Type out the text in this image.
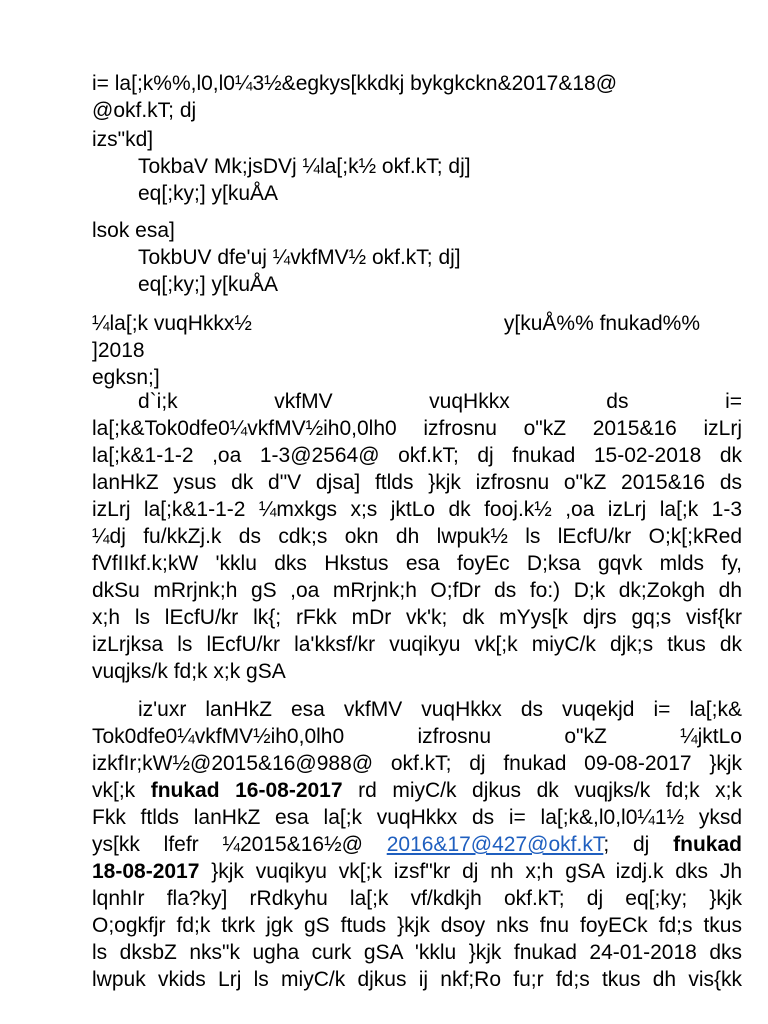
i= la[;k%%,l0,l0¼3½&egkys[kkdkj bykgkckn&2017&18@
@okf.kT; dj
izs"kd]
TokbaV Mk;jsDVj ¼la[;k½ okf.kT; dj]
eq[;ky;] y[kuÅA
lsok esa]
TokbUV dfe'uj ¼vkfMV½ okf.kT; dj]
eq[;ky;] y[kuÅA
¼la[;k vuqHkkx½	y[kuÅ%% fnukad%%
]2018
egksn;]
d`i;k vkfMV vuqHkkx ds i=
la[;k&Tok0dfe0¼vkfMV½ih0,0lh0 izfrosnu o"kZ 2015&16 izLrj
la[;k&1-1-2 ,oa 1-3@2564@ okf.kT; dj fnukad 15-02-2018 dk
lanHkZ ysus dk d"V djsa] ftlds }kjk izfrosnu o"kZ 2015&16 ds
izLrj la[;k&1-1-2 ¼mxkgs x;s jktLo dk fooj.k½ ,oa izLrj la[;k 1-3
¼dj fu/kkZj.k ds cdk;s okn dh lwpuk½ ls lEcfU/kr O;k[;kRed
fVfIIkf.k;kW 'kklu dks Hkstus esa foyEc D;ksa gqvk mlds fy,
dkSu mRrjnk;h gS ,oa mRrjnk;h O;fDr ds fo:) D;k dk;Zokgh dh
x;h ls lEcfU/kr lk{; rFkk mDr vk'k; dk mYys[k djrs gq;s visf{kr
izLrjksa ls lEcfU/kr la'kksf/kr vuqikyu vk[;k miyC/k djk;s tkus dk
vuqjks/k fd;k x;k gSA
iz'uxr lanHkZ esa vkfMV vuqHkkx ds vuqekjd i= la[;k&
Tok0dfe0¼vkfMV½ih0,0lh0 izfrosnu o"kZ ¼jktLo
izkfIr;kW½@2015&16@988@ okf.kT; dj fnukad 09-08-2017 }kjk
vk[;k fnukad 16-08-2017 rd miyC/k djkus dk vuqjks/k fd;k x;k
Fkk ftlds lanHkZ esa la[;k vuqHkkx ds i= la[;k&,l0,l0¼1½ yksd
ys[kk lfefr ¼2015&16½@ 2016&17@427@okf.kT; dj fnukad
18-08-2017 }kjk vuqikyu vk[;k izsf"kr dj nh x;h gSA izdj.k dks Jh
lqnhIr fla?ky] rRdkyhu la[;k vf/kdkjh okf.kT; dj eq[;ky; }kjk
O;ogkfjr fd;k tkrk jgk gS ftuds }kjk dsoy nks fnu foyECk fd;s tkus
ls dksbZ nks"k ugha curk gSA 'kklu }kjk fnukad 24-01-2018 dks
lwpuk vkids Lrj ls miyC/k djkus ij nkf;Ro fu;r fd;s tkus dh vis{kk
